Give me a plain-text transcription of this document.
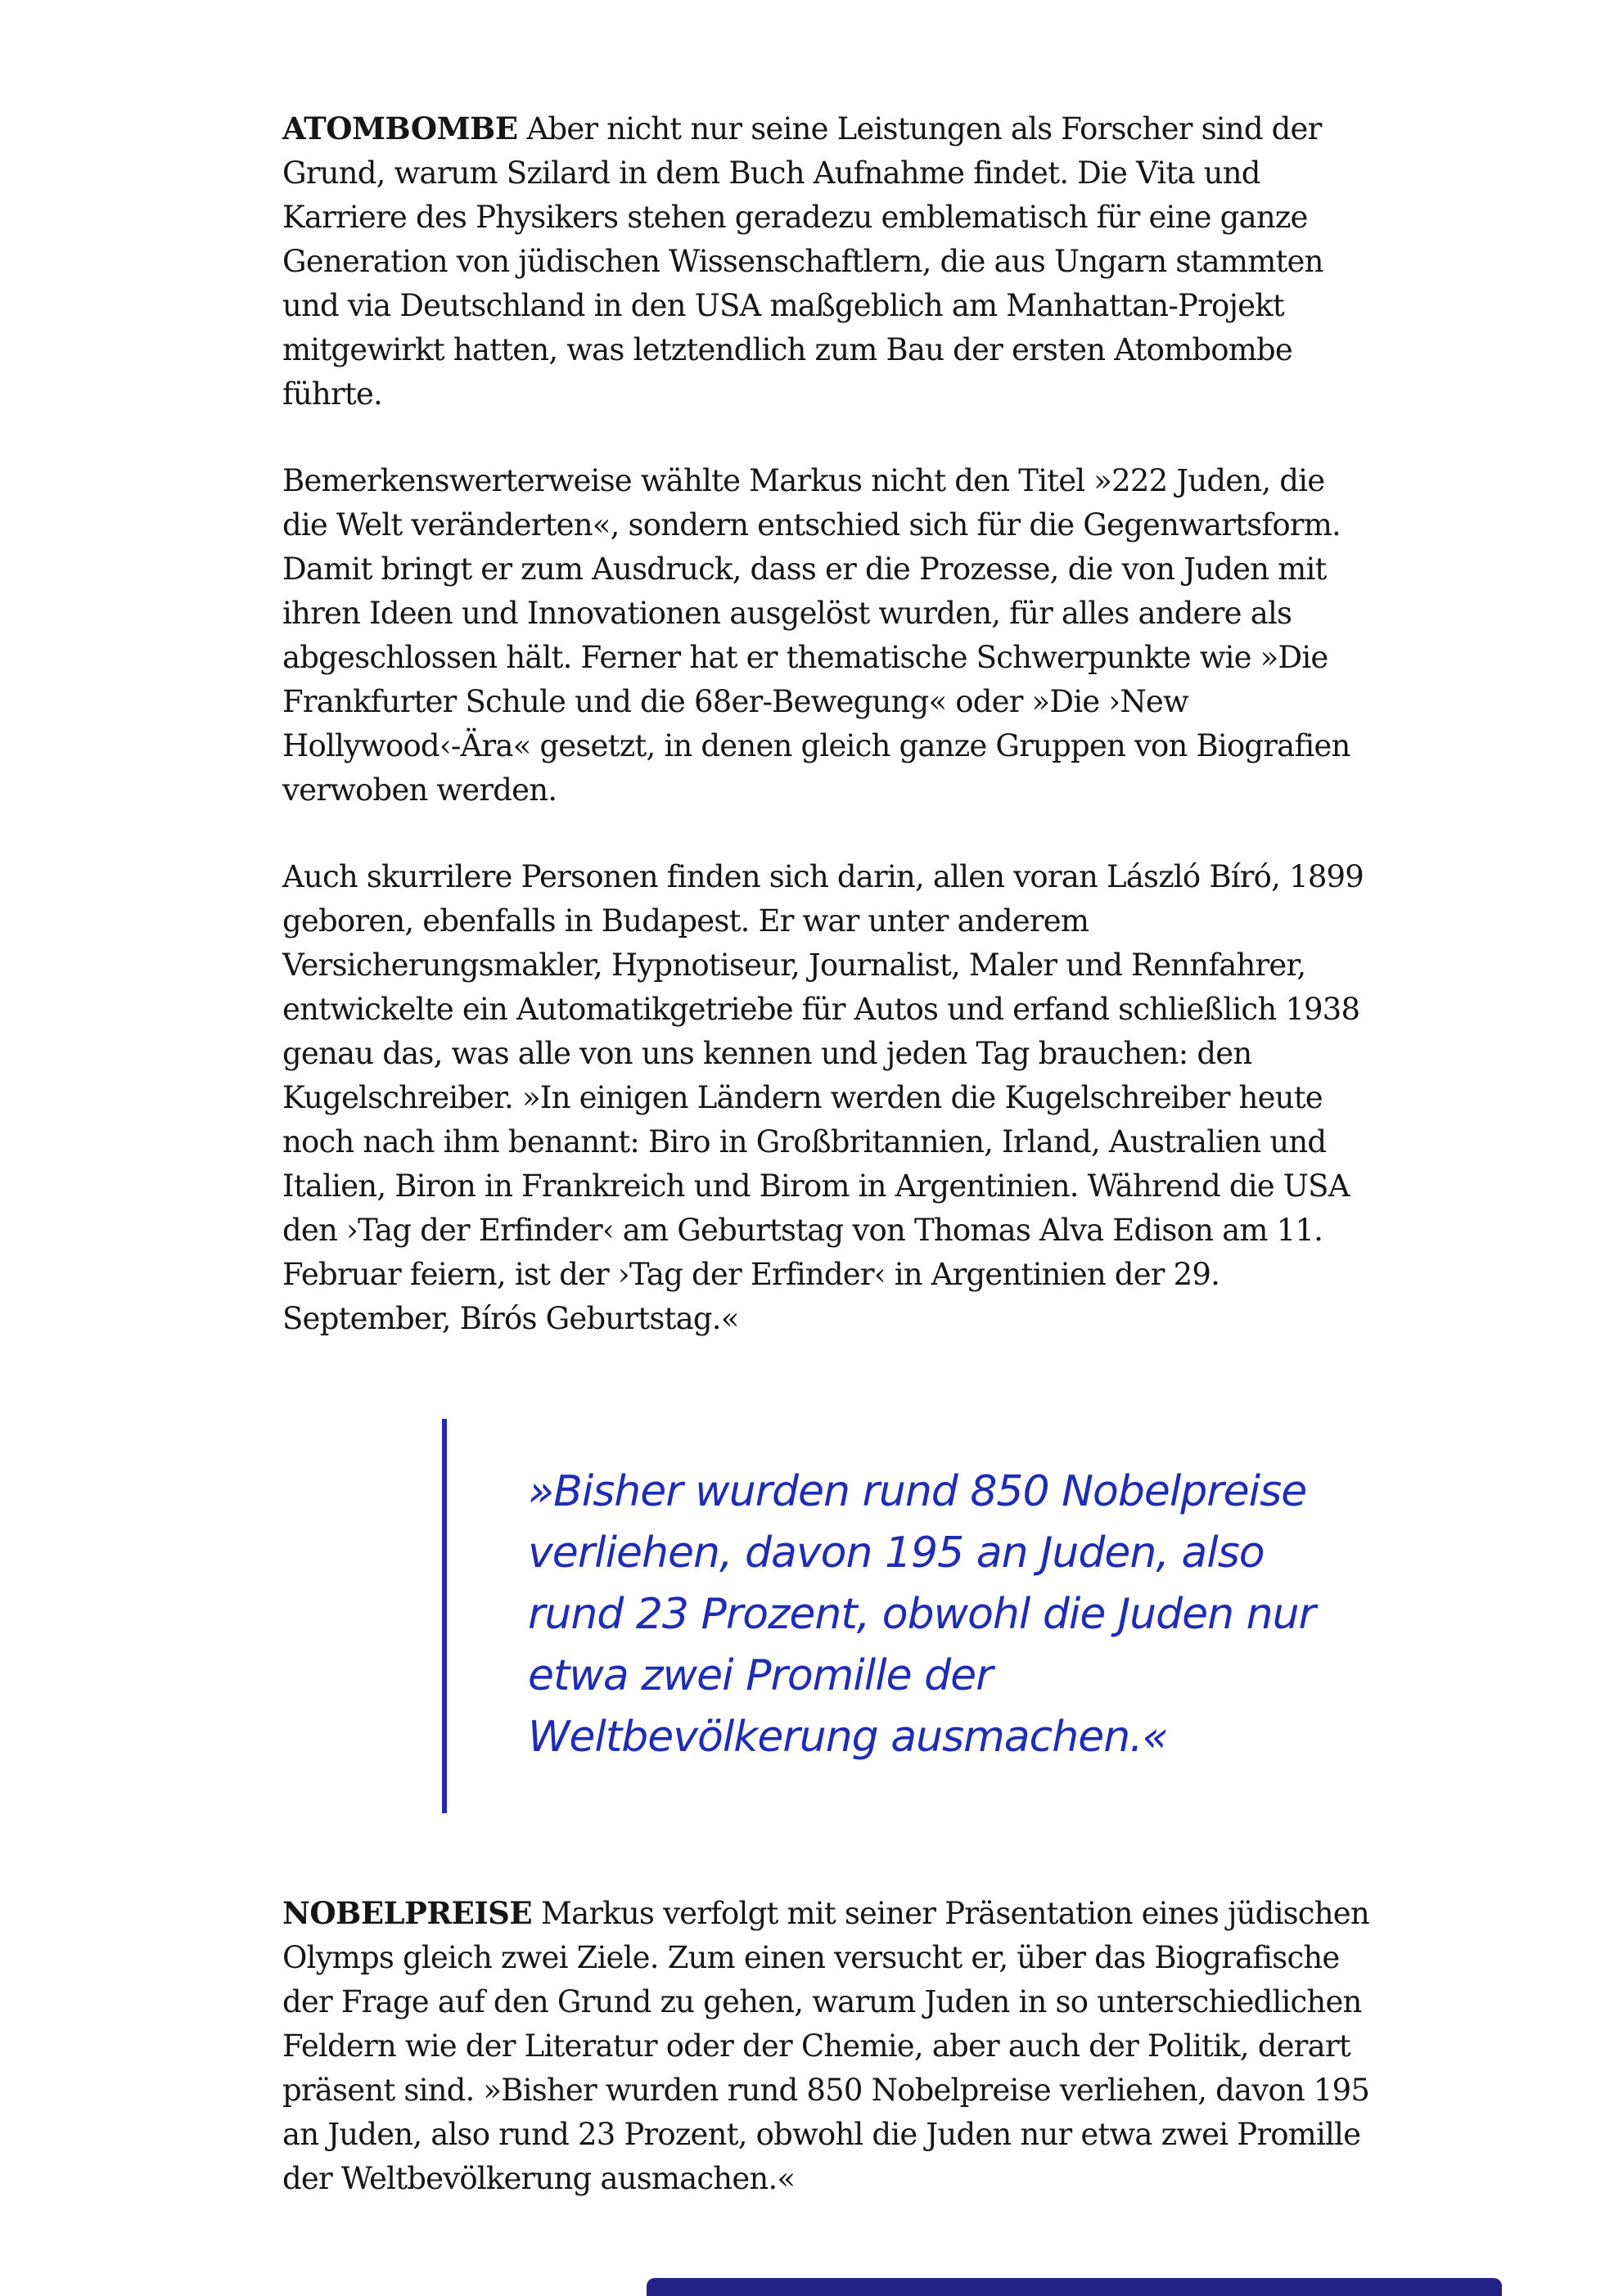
ATOMBOMBE Aber nicht nur seine Leistungen als Forscher sind der Grund, warum Szilard in dem Buch Aufnahme findet. Die Vita und Karriere des Physikers stehen geradezu emblematisch für eine ganze Generation von jüdischen Wissenschaftlern, die aus Ungarn stammten und via Deutschland in den USA maßgeblich am Manhattan-Projekt mitgewirkt hatten, was letztendlich zum Bau der ersten Atombombe führte.

Bemerkenswerterweise wählte Markus nicht den Titel »222 Juden, die die Welt veränderten«, sondern entschied sich für die Gegenwartsform. Damit bringt er zum Ausdruck, dass er die Prozesse, die von Juden mit ihren Ideen und Innovationen ausgelöst wurden, für alles andere als abgeschlossen hält. Ferner hat er thematische Schwerpunkte wie »Die Frankfurter Schule und die 68er-Bewegung« oder »Die ›New Hollywood‹-Ära« gesetzt, in denen gleich ganze Gruppen von Biografien verwoben werden.

Auch skurrilere Personen finden sich darin, allen voran László Bíró, 1899 geboren, ebenfalls in Budapest. Er war unter anderem Versicherungsmakler, Hypnotiseur, Journalist, Maler und Rennfahrer, entwickelte ein Automatikgetriebe für Autos und erfand schließlich 1938 genau das, was alle von uns kennen und jeden Tag brauchen: den Kugelschreiber. »In einigen Ländern werden die Kugelschreiber heute noch nach ihm benannt: Biro in Großbritannien, Irland, Australien und Italien, Biron in Frankreich und Birom in Argentinien. Während die USA den ›Tag der Erfinder‹ am Geburtstag von Thomas Alva Edison am 11. Februar feiern, ist der ›Tag der Erfinder‹ in Argentinien der 29. September, Bírós Geburtstag.«

»Bisher wurden rund 850 Nobelpreise verliehen, davon 195 an Juden, also rund 23 Prozent, obwohl die Juden nur etwa zwei Promille der Weltbevölkerung ausmachen.«

NOBELPREISE Markus verfolgt mit seiner Präsentation eines jüdischen Olymps gleich zwei Ziele. Zum einen versucht er, über das Biografische der Frage auf den Grund zu gehen, warum Juden in so unterschiedlichen Feldern wie der Literatur oder der Chemie, aber auch der Politik, derart präsent sind. »Bisher wurden rund 850 Nobelpreise verliehen, davon 195 an Juden, also rund 23 Prozent, obwohl die Juden nur etwa zwei Promille der Weltbevölkerung ausmachen.«
